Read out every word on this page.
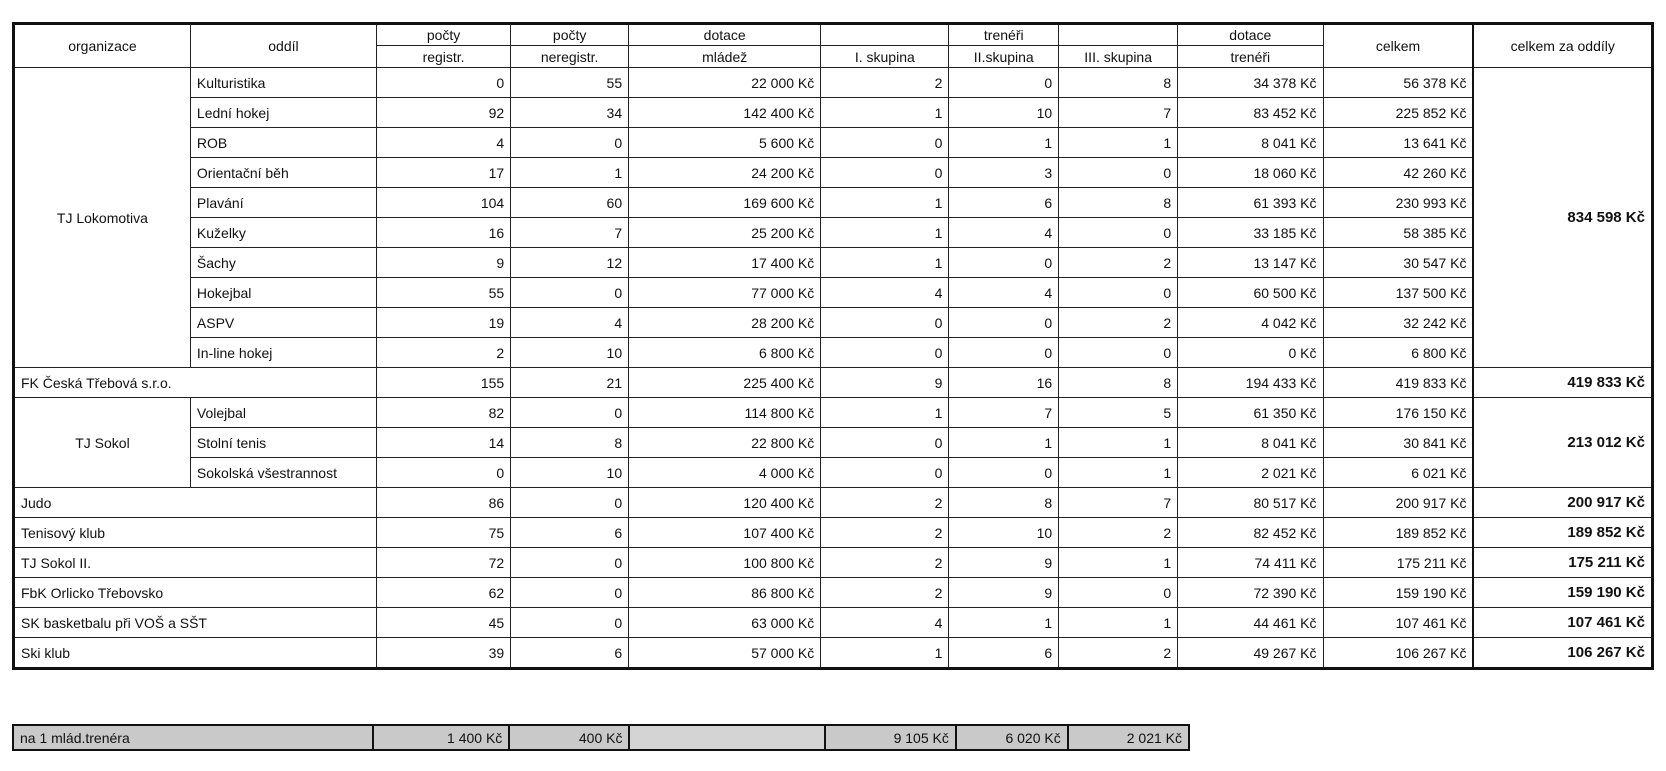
organizace	oddíl	počty	počty	dotace		trenéři		dotace	celkem	celkem za oddíly
		registr.	neregistr.	mládež	I. skupina	II.skupina	III. skupina	trenéři		
TJ Lokomotiva	Kulturistika	0	55	22 000 Kč	2	0	8	34 378 Kč	56 378 Kč	834 598 Kč
	Lední hokej	92	34	142 400 Kč	1	10	7	83 452 Kč	225 852 Kč	
	ROB	4	0	5 600 Kč	0	1	1	8 041 Kč	13 641 Kč	
	Orientační běh	17	1	24 200 Kč	0	3	0	18 060 Kč	42 260 Kč	
	Plavání	104	60	169 600 Kč	1	6	8	61 393 Kč	230 993 Kč	
	Kuželky	16	7	25 200 Kč	1	4	0	33 185 Kč	58 385 Kč	
	Šachy	9	12	17 400 Kč	1	0	2	13 147 Kč	30 547 Kč	
	Hokejbal	55	0	77 000 Kč	4	4	0	60 500 Kč	137 500 Kč	
	ASPV	19	4	28 200 Kč	0	0	2	4 042 Kč	32 242 Kč	
	In-line hokej	2	10	6 800 Kč	0	0	0	0 Kč	6 800 Kč	
FK Česká Třebová s.r.o.		155	21	225 400 Kč	9	16	8	194 433 Kč	419 833 Kč	419 833 Kč
TJ Sokol	Volejbal	82	0	114 800 Kč	1	7	5	61 350 Kč	176 150 Kč	213 012 Kč
	Stolní tenis	14	8	22 800 Kč	0	1	1	8 041 Kč	30 841 Kč	
	Sokolská všestrannost	0	10	4 000 Kč	0	0	1	2 021 Kč	6 021 Kč	
Judo		86	0	120 400 Kč	2	8	7	80 517 Kč	200 917 Kč	200 917 Kč
Tenisový klub		75	6	107 400 Kč	2	10	2	82 452 Kč	189 852 Kč	189 852 Kč
TJ Sokol II.		72	0	100 800 Kč	2	9	1	74 411 Kč	175 211 Kč	175 211 Kč
FbK Orlicko Třebovsko		62	0	86 800 Kč	2	9	0	72 390 Kč	159 190 Kč	159 190 Kč
SK basketbalu při VOŠ a SŠT		45	0	63 000 Kč	4	1	1	44 461 Kč	107 461 Kč	107 461 Kč
Ski klub		39	6	57 000 Kč	1	6	2	49 267 Kč	106 267 Kč	106 267 Kč
na 1 mlád.trenéra	1 400 Kč	400 Kč		9 105 Kč	6 020 Kč	2 021 Kč
